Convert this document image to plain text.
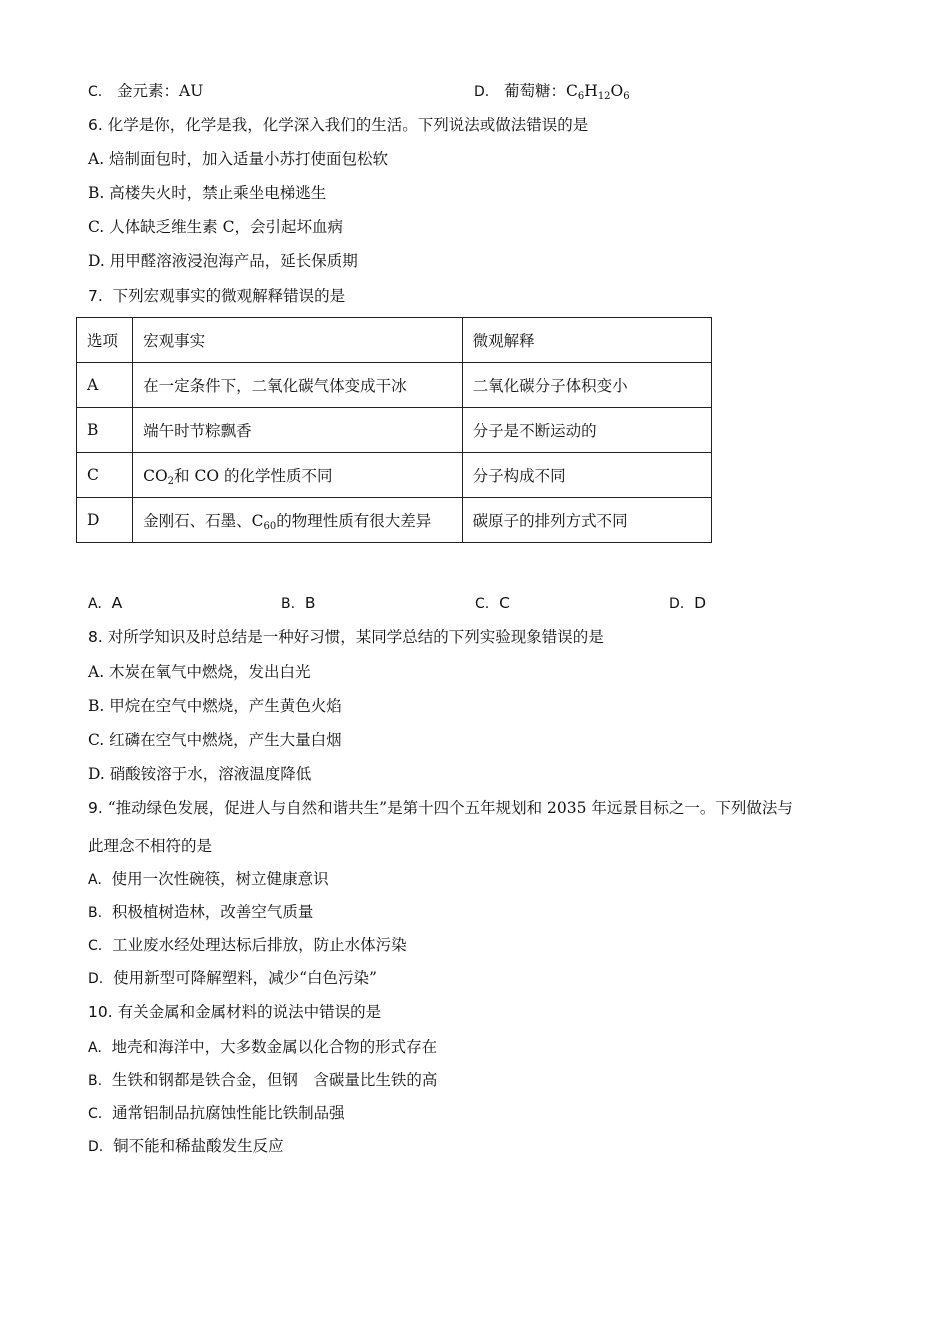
C. 金元素：AU	D. 葡萄糖：$C_6H_{12}O_6$
6. 化学是你，化学是我，化学深入我们的生活。下列说法或做法错误的是
A. 焙制面包时，加入适量小苏打使面包松软
B. 高楼失火时，禁止乘坐电梯逃生
C. 人体缺乏维生素 C，会引起坏血病
D. 用甲醛溶液浸泡海产品，延长保质期
7. 下列宏观事实的微观解释错误的是
选项	宏观事实	微观解释
A	在一定条件下，二氧化碳气体变成干冰	二氧化碳分子体积变小
B	端午时节粽飘香	分子是不断运动的
C	$CO_2$和 CO 的化学性质不同	分子构成不同
D	金刚石、石墨、$C_{60}$的物理性质有很大差异	碳原子的排列方式不同
A. A	B. B	C. C	D. D
8. 对所学知识及时总结是一种好习惯，某同学总结的下列实验现象错误的是
A. 木炭在氧气中燃烧，发出白光
B. 甲烷在空气中燃烧，产生黄色火焰
C. 红磷在空气中燃烧，产生大量白烟
D. 硝酸铵溶于水，溶液温度降低
9. “推动绿色发展，促进人与自然和谐共生”是第十四个五年规划和 2035 年远景目标之一。下列做法与
此理念不相符的是
A. 使用一次性碗筷，树立健康意识
B. 积极植树造林，改善空气质量
C. 工业废水经处理达标后排放，防止水体污染
D. 使用新型可降解塑料，减少“白色污染”
10. 有关金属和金属材料的说法中错误的是
A. 地壳和海洋中，大多数金属以化合物的形式存在
B. 生铁和钢都是铁合金，但钢　含碳量比生铁的高
C. 通常铝制品抗腐蚀性能比铁制品强
D. 铜不能和稀盐酸发生反应
